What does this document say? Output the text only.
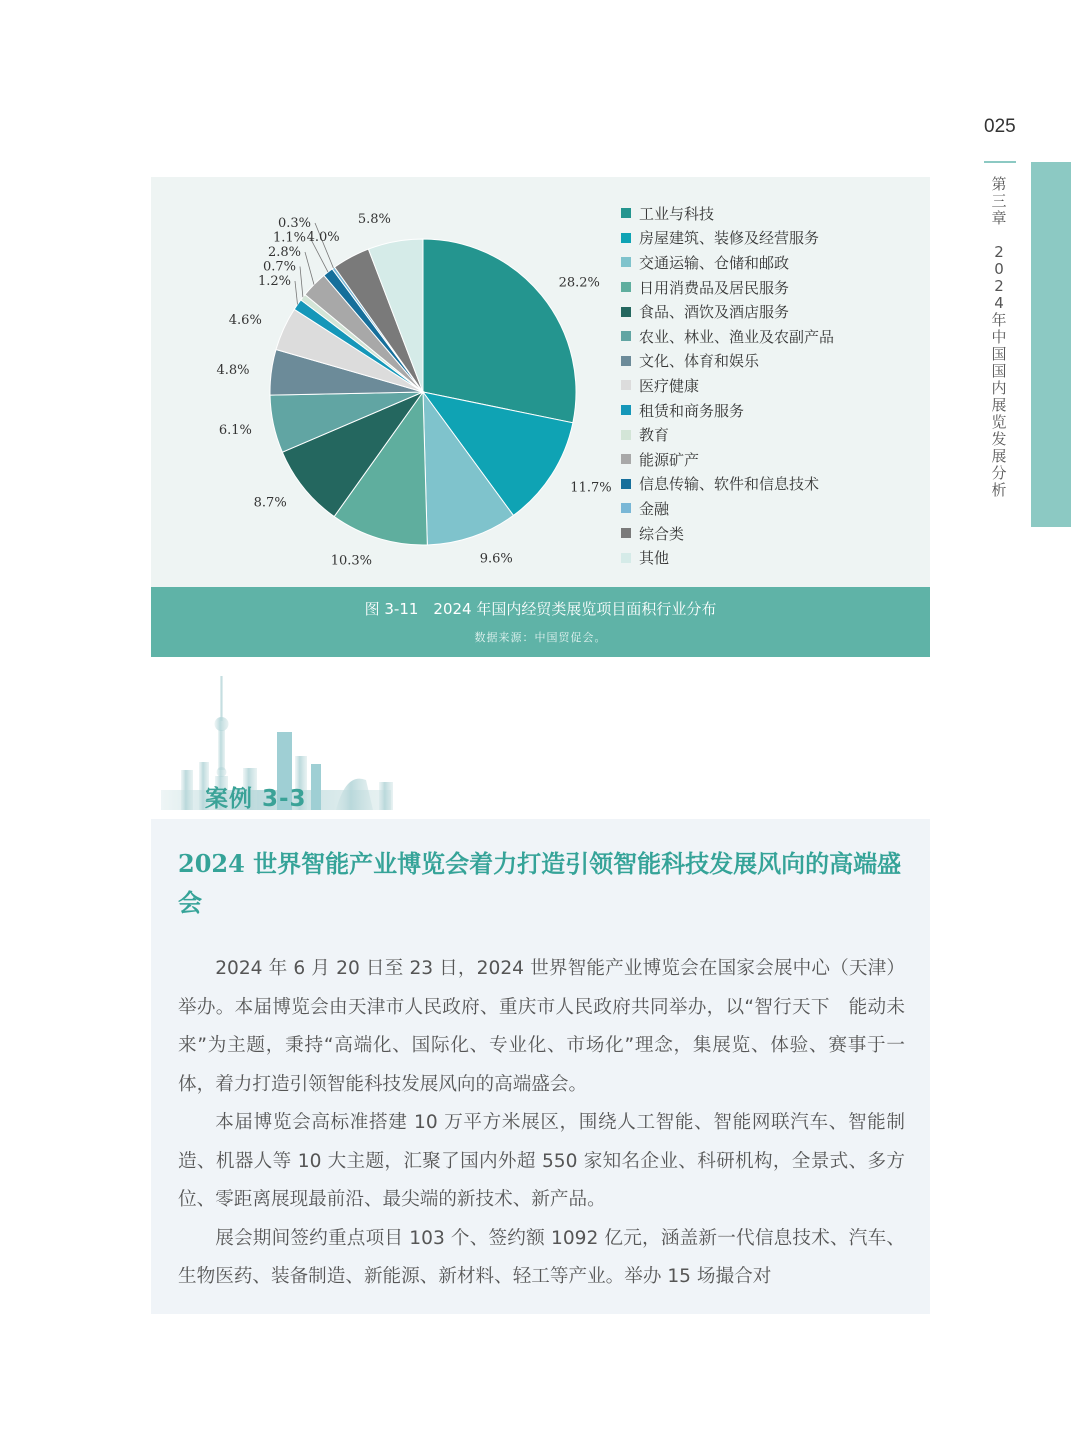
025
第
三
章

2
0
2
4
年
中
国
国
内
展
览
发
展
分
析
28.2%
11.7%
9.6%
10.3%
8.7%
6.1%
4.8%
5.8%
4.0%
4.6%
0.3%
1.1%
2.8%
0.7%
1.2%
工业与科技
房屋建筑、装修及经营服务
交通运输、仓储和邮政
日用消费品及居民服务
食品、酒饮及酒店服务
农业、林业、渔业及农副产品
文化、体育和娱乐
医疗健康
租赁和商务服务
教育
能源矿产
信息传输、软件和信息技术
金融
综合类
其他
图 3-11　2024 年国内经贸类展览项目面积行业分布
数据来源：中国贸促会。
案例 3-3
2024 世界智能产业博览会着力打造引领智能科技发展风向的高端盛会

2024 年 6 月 20 日至 23 日，2024 世界智能产业博览会在国家会展中心（天津）举办。本届博览会由天津市人民政府、重庆市人民政府共同举办，以“智行天下　能动未来”为主题，秉持“高端化、国际化、专业化、市场化”理念，集展览、体验、赛事于一体，着力打造引领智能科技发展风向的高端盛会。

本届博览会高标准搭建 10 万平方米展区，围绕人工智能、智能网联汽车、智能制造、机器人等 10 大主题，汇聚了国内外超 550 家知名企业、科研机构，全景式、多方位、零距离展现最前沿、最尖端的新技术、新产品。

展会期间签约重点项目 103 个、签约额 1092 亿元，涵盖新一代信息技术、汽车、生物医药、装备制造、新能源、新材料、轻工等产业。举办 15 场撮合对
